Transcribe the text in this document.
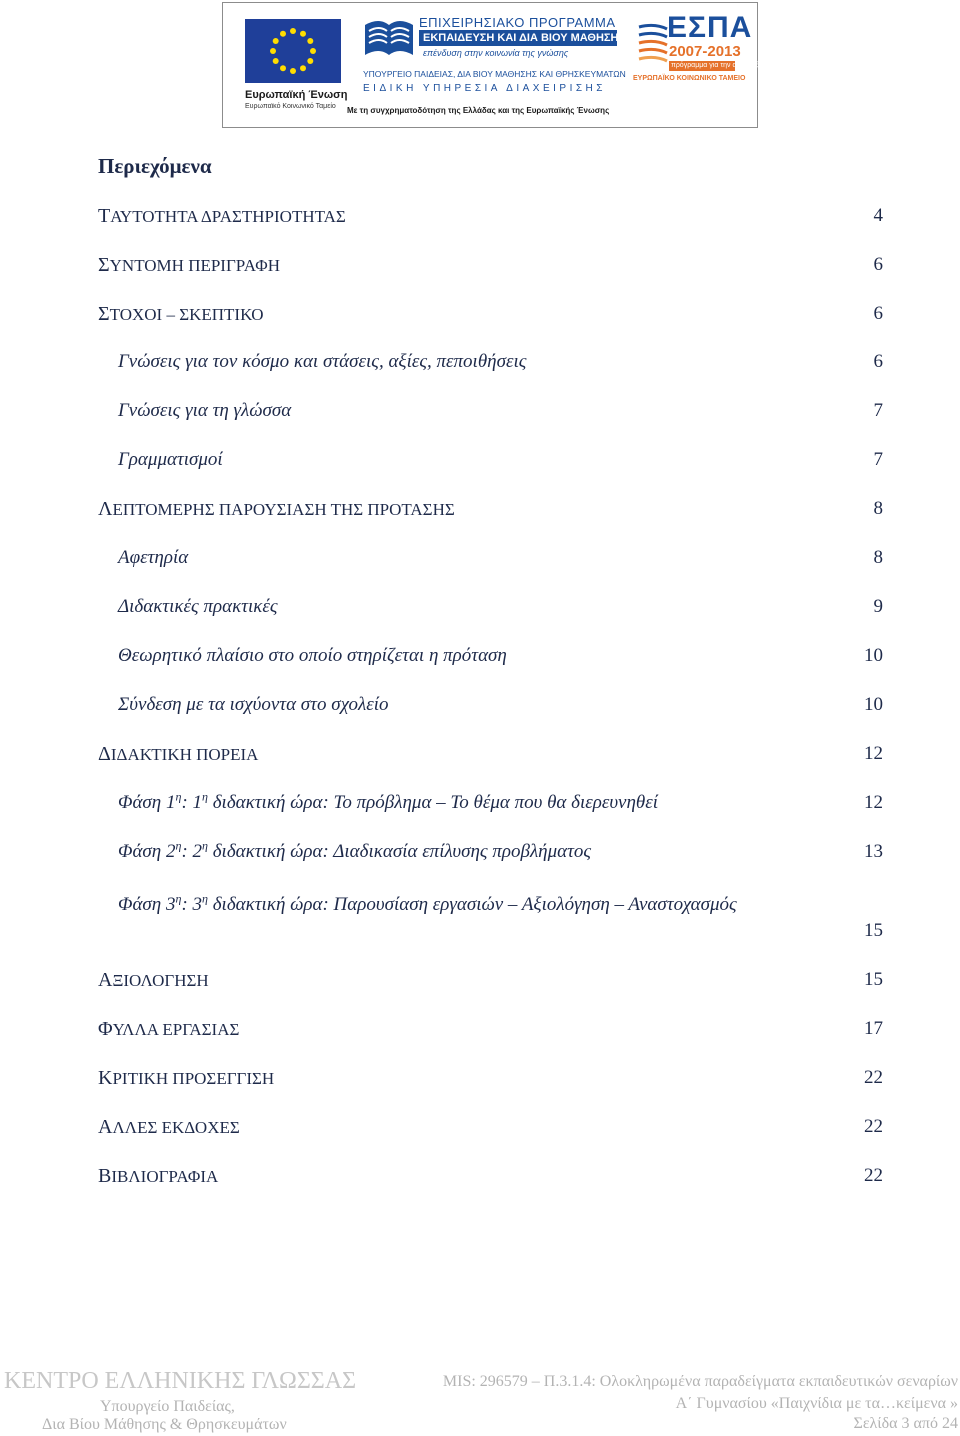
Ευρωπαϊκή Ένωση
Ευρωπαϊκό Κοινωνικό Ταμείο
ΕΠΙΧΕΙΡΗΣΙΑΚΟ ΠΡΟΓΡΑΜΜΑ
ΕΚΠΑΙΔΕΥΣΗ ΚΑΙ ΔΙΑ ΒΙΟΥ ΜΑΘΗΣΗ
επένδυση στην κοινωνία της γνώσης
ΥΠΟΥΡΓΕΙΟ ΠΑΙΔΕΙΑΣ, ΔΙΑ ΒΙΟΥ ΜΑΘΗΣΗΣ ΚΑΙ ΘΡΗΣΚΕΥΜΑΤΩΝ
ΕΙΔΙΚΗ ΥΠΗΡΕΣΙΑ ΔΙΑΧΕΙΡΙΣΗΣ
Με τη συγχρηματοδότηση της Ελλάδας και της Ευρωπαϊκής Ένωσης
ΕΣΠΑ
2007-2013
πρόγραμμα για την ανάπτυξη
ΕΥΡΩΠΑΪΚΟ ΚΟΙΝΩΝΙΚΟ ΤΑΜΕΙΟ
Περιεχόμενα
ΤΑΥΤΟΤΗΤΑ ΔΡΑΣΤΗΡΙΟΤΗΤΑΣ	4
ΣΥΝΤΟΜΗ ΠΕΡΙΓΡΑΦΗ	6
ΣΤΟΧΟΙ – ΣΚΕΠΤΙΚΟ	6
Γνώσεις για τον κόσμο και στάσεις, αξίες, πεποιθήσεις	6
Γνώσεις για τη γλώσσα	7
Γραμματισμοί	7
ΛΕΠΤΟΜΕΡΗΣ ΠΑΡΟΥΣΙΑΣΗ ΤΗΣ ΠΡΟΤΑΣΗΣ	8
Αφετηρία	8
Διδακτικές πρακτικές	9
Θεωρητικό πλαίσιο στο οποίο στηρίζεται η πρόταση	10
Σύνδεση με τα ισχύοντα στο σχολείο	10
ΔΙΔΑΚΤΙΚΗ ΠΟΡΕΙΑ	12
Φάση $1^\eta$: $1^\eta$ διδακτική ώρα: Το πρόβλημα – Το θέμα που θα διερευνηθεί	12
Φάση $2^\eta$: $2^\eta$ διδακτική ώρα: Διαδικασία επίλυσης προβλήματος	13
Φάση $3^\eta$: $3^\eta$ διδακτική ώρα: Παρουσίαση εργασιών – Αξιολόγηση – Αναστοχασμός
15
ΑΞΙΟΛΟΓΗΣΗ	15
ΦΥΛΛΑ ΕΡΓΑΣΙΑΣ	17
ΚΡΙΤΙΚΗ ΠΡΟΣΕΓΓΙΣΗ	22
ΑΛΛΕΣ ΕΚΔΟΧΕΣ	22
ΒΙΒΛΙΟΓΡΑΦΙΑ	22
ΚΕΝΤΡΟ ΕΛΛΗΝΙΚΗΣ ΓΛΩΣΣΑΣ
Υπουργείο Παιδείας,
Δια Βίου Μάθησης & Θρησκευμάτων
MIS: 296579 – Π.3.1.4: Ολοκληρωμένα παραδείγματα εκπαιδευτικών σεναρίων
Α΄ Γυμνασίου «Παιχνίδια με τα…κείμενα »
Σελίδα 3 από 24
